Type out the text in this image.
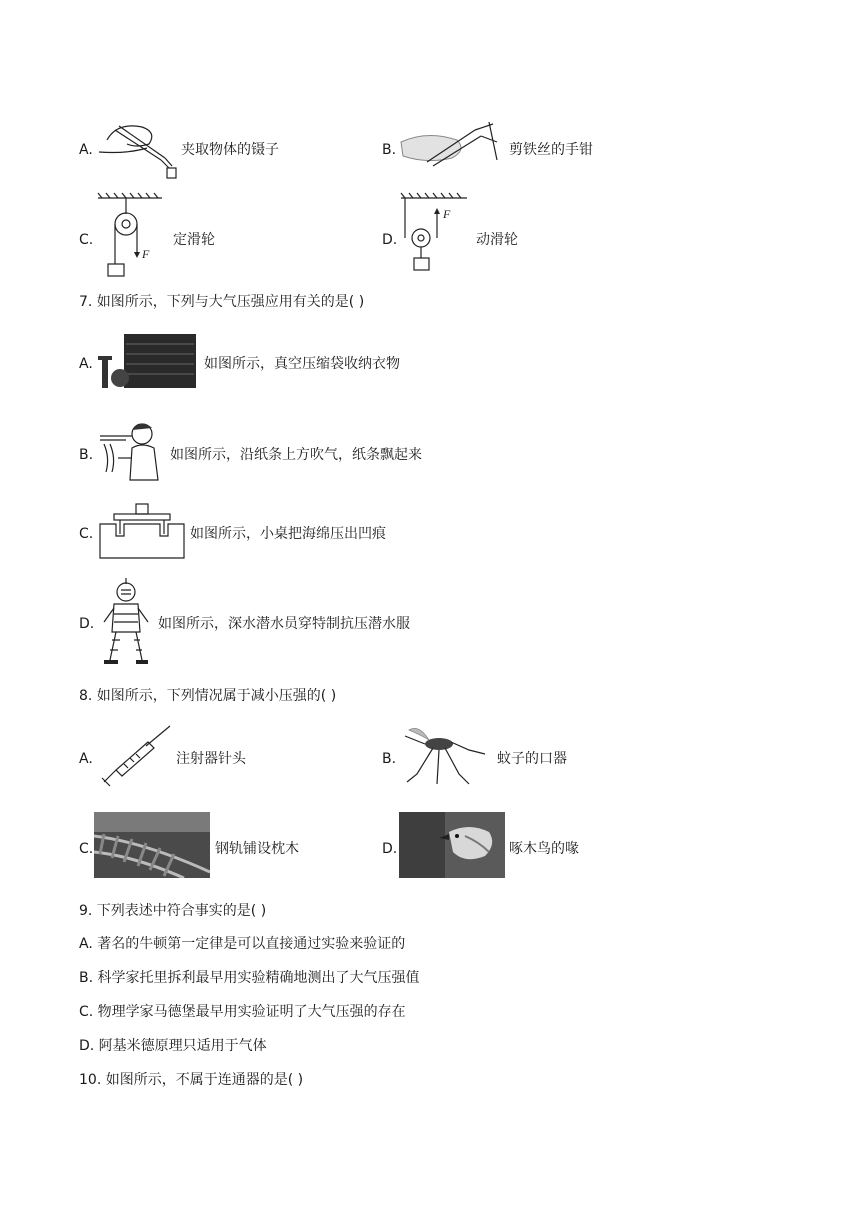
A.	夹取物体的镊子	B.	剪铁丝的手钳
C.
F
定滑轮	D.
F
动滑轮
7. 如图所示，下列与大气压强应用有关的是( )
A.	如图所示，真空压缩袋收纳衣物
B.	如图所示，沿纸条上方吹气，纸条飘起来
C.	如图所示，小桌把海绵压出凹痕
D.	如图所示，深水潜水员穿特制抗压潜水服
8. 如图所示，下列情况属于减小压强的( )
A.	注射器针头	B.	蚊子的口器
C.	钢轨铺设枕木	D.	啄木鸟的喙
9. 下列表述中符合事实的是( )
A. 著名的牛顿第一定律是可以直接通过实验来验证的
B. 科学家托里拆利最早用实验精确地测出了大气压强值
C. 物理学家马德堡最早用实验证明了大气压强的存在
D. 阿基米德原理只适用于气体
10. 如图所示，不属于连通器的是( )
